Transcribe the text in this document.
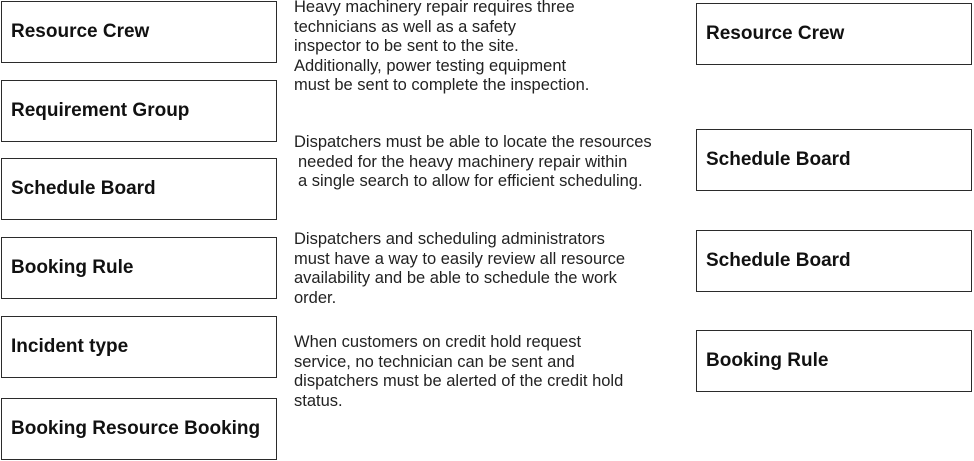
Resource Crew
Requirement Group
Schedule Board
Booking Rule
Incident type
Booking Resource Booking
Heavy machinery repair requires three
technicians as well as a safety
inspector to be sent to the site.
Additionally, power testing equipment
must be sent to complete the inspection.
Dispatchers must be able to locate the resources
needed for the heavy machinery repair within
a single search to allow for efficient scheduling.
Dispatchers and scheduling administrators
must have a way to easily review all resource
availability and be able to schedule the work
order.
When customers on credit hold request
service, no technician can be sent and
dispatchers must be alerted of the credit hold
status.
Resource Crew
Schedule Board
Schedule Board
Booking Rule
